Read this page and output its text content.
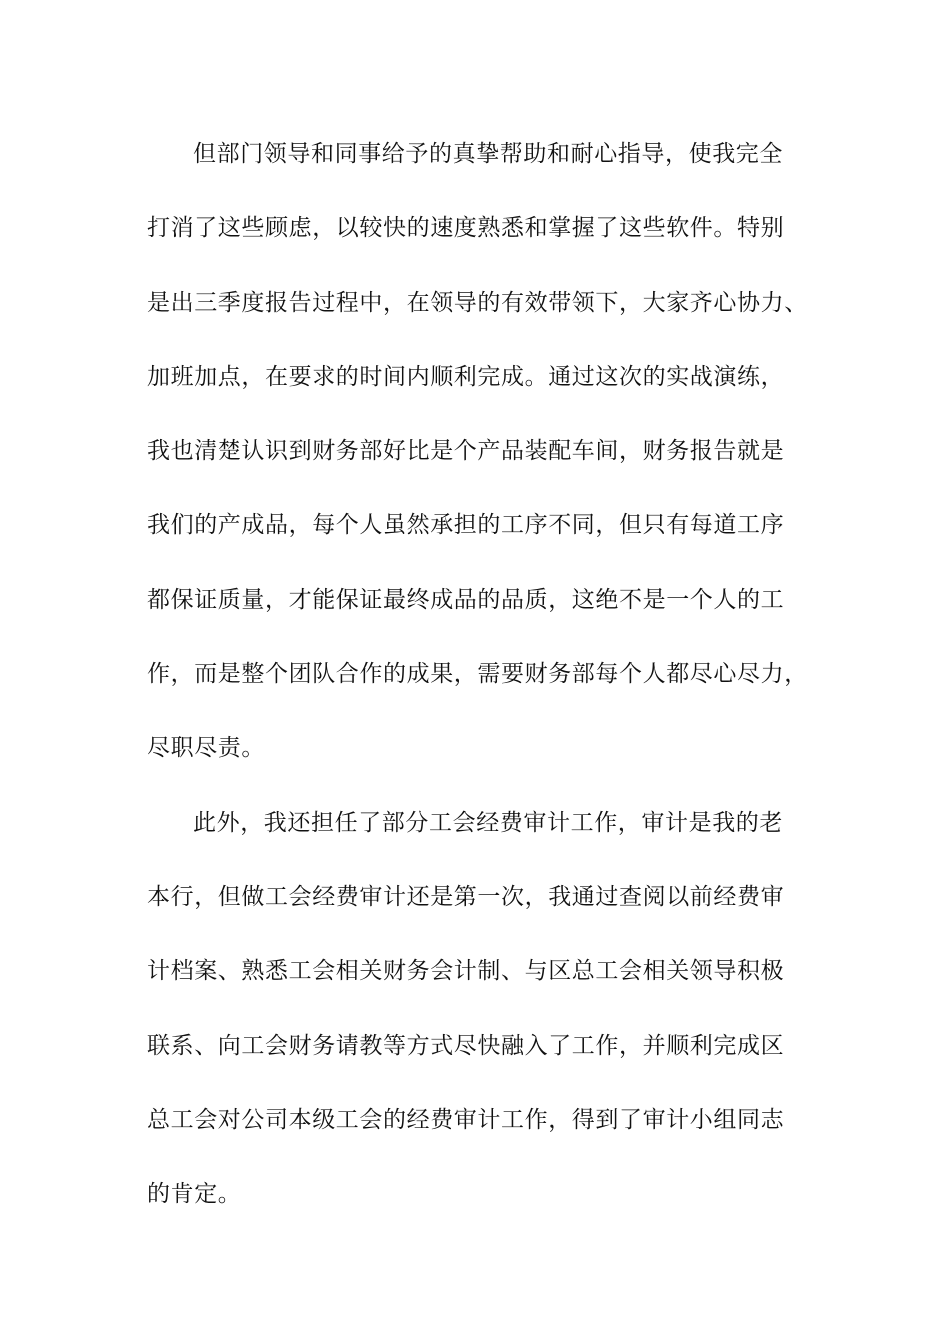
但部门领导和同事给予的真挚帮助和耐心指导，使我完全
打消了这些顾虑，以较快的速度熟悉和掌握了这些软件。特别
是出三季度报告过程中，在领导的有效带领下，大家齐心协力、
加班加点，在要求的时间内顺利完成。通过这次的实战演练，
我也清楚认识到财务部好比是个产品装配车间，财务报告就是
我们的产成品，每个人虽然承担的工序不同，但只有每道工序
都保证质量，才能保证最终成品的品质，这绝不是一个人的工
作，而是整个团队合作的成果，需要财务部每个人都尽心尽力，
尽职尽责。
此外，我还担任了部分工会经费审计工作，审计是我的老
本行，但做工会经费审计还是第一次，我通过查阅以前经费审
计档案、熟悉工会相关财务会计制、与区总工会相关领导积极
联系、向工会财务请教等方式尽快融入了工作，并顺利完成区
总工会对公司本级工会的经费审计工作，得到了审计小组同志
的肯定。
